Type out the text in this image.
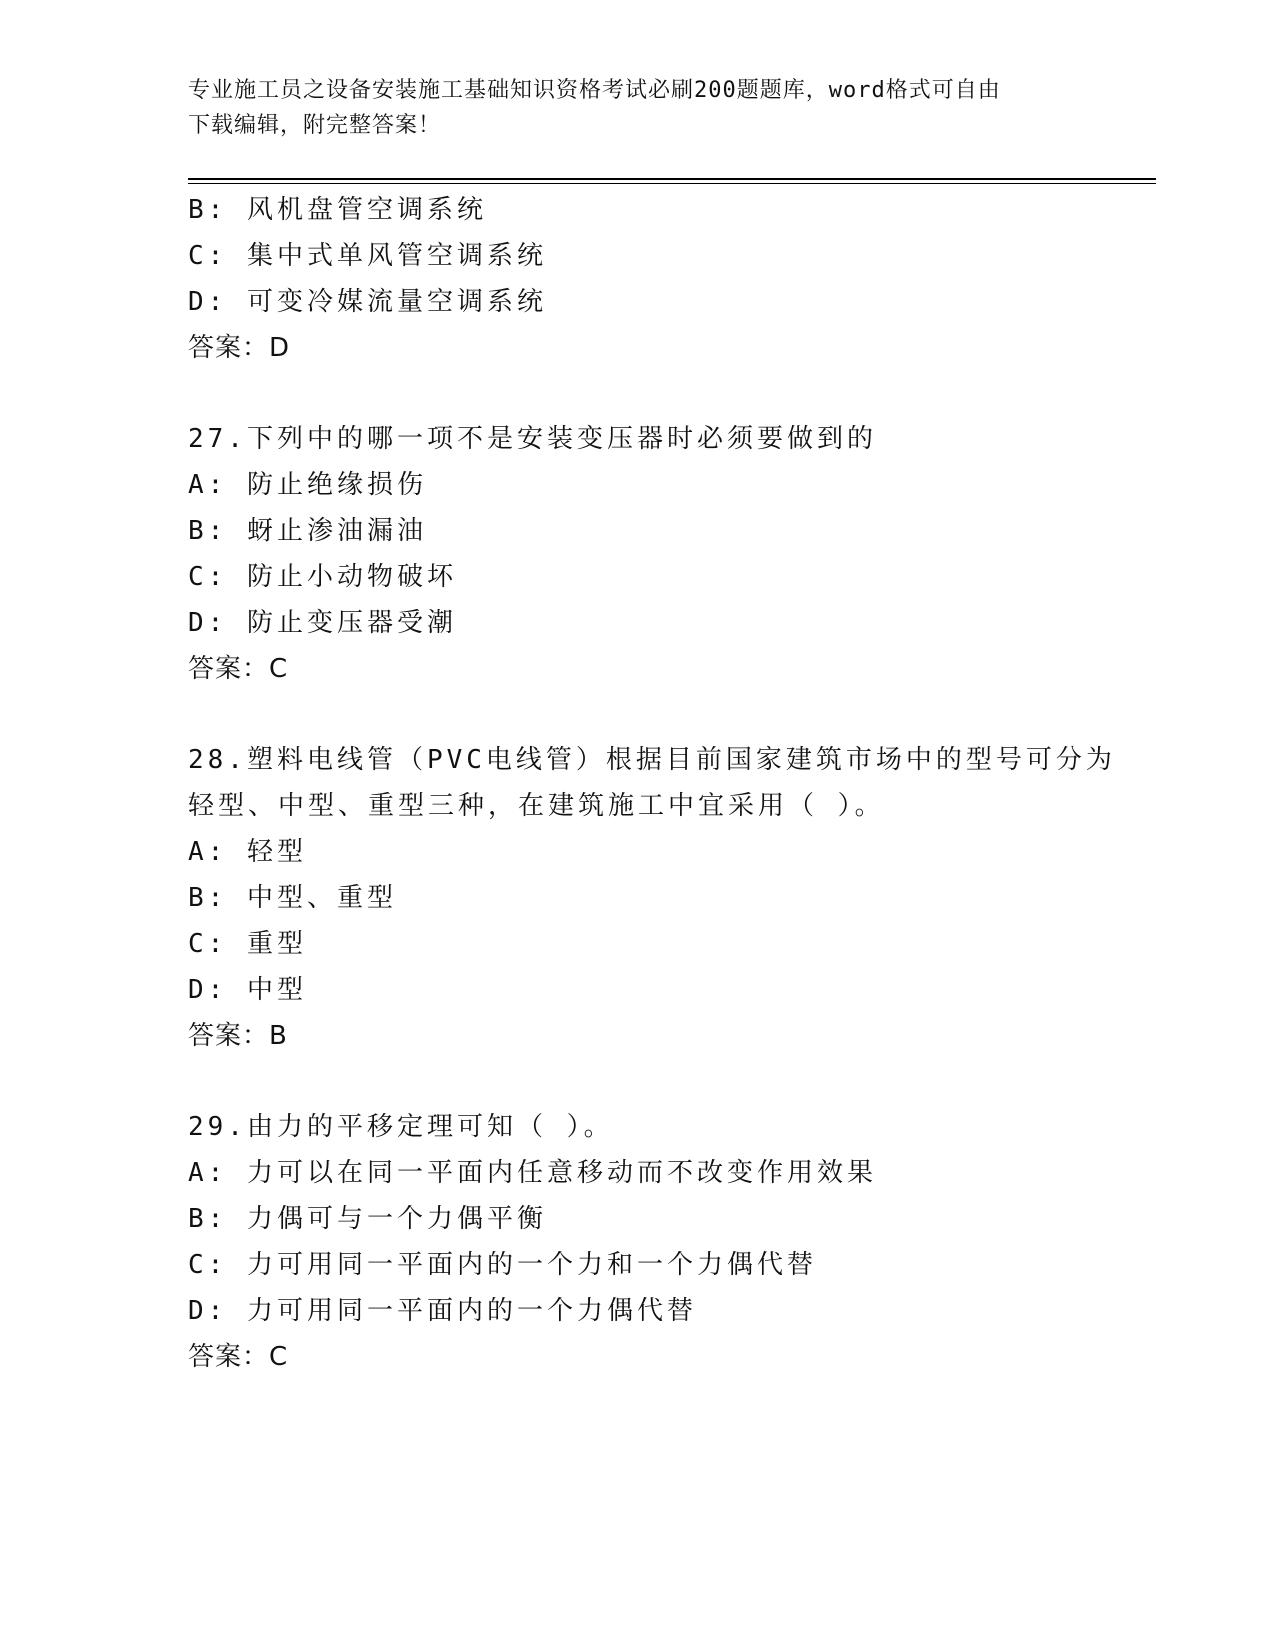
专业施工员之设备安装施工基础知识资格考试必刷200题题库，word格式可自由
下载编辑，附完整答案！
B: 风机盘管空调系统
C: 集中式单风管空调系统
D: 可变冷媒流量空调系统
答案：D
27.下列中的哪一项不是安装变压器时必须要做到的
A: 防止绝缘损伤
B: 蚜止渗油漏油
C: 防止小动物破坏
D: 防止变压器受潮
答案：C
28.塑料电线管（PVC电线管）根据目前国家建筑市场中的型号可分为
轻型、中型、重型三种，在建筑施工中宜采用（ ）。
A: 轻型
B: 中型、重型
C: 重型
D: 中型
答案：B
29.由力的平移定理可知（ ）。
A: 力可以在同一平面内任意移动而不改变作用效果
B: 力偶可与一个力偶平衡
C: 力可用同一平面内的一个力和一个力偶代替
D: 力可用同一平面内的一个力偶代替
答案：C
